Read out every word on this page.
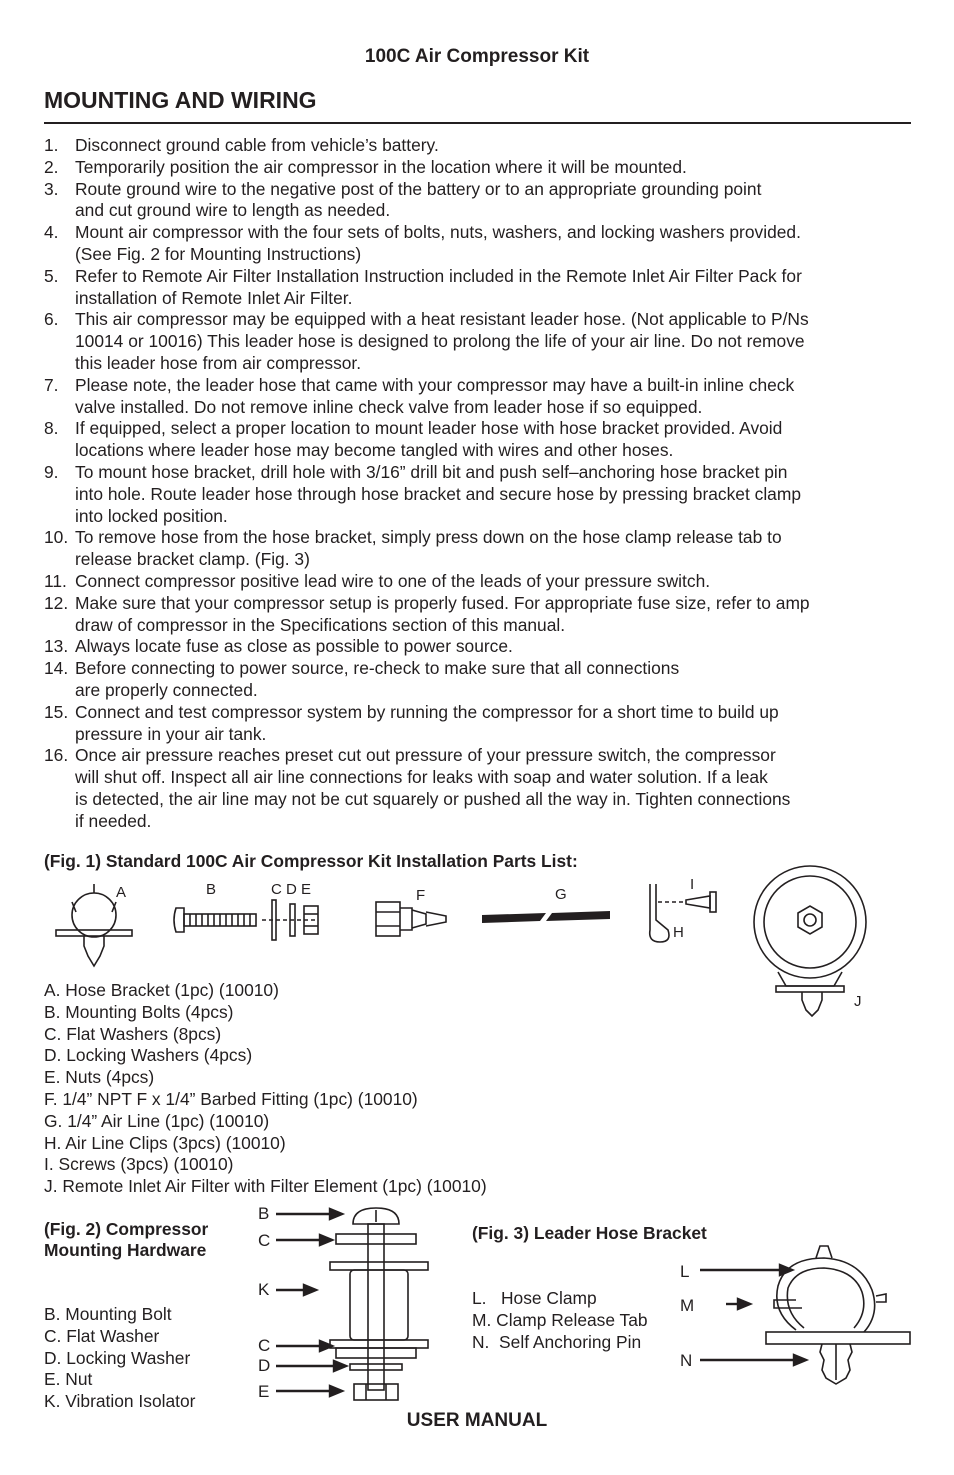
100C Air Compressor Kit
MOUNTING AND WIRING
1. Disconnect ground cable from vehicle’s battery.
2. Temporarily position the air compressor in the location where it will be mounted.
3. Route ground wire to the negative post of the battery or to an appropriate grounding point
and cut ground wire to length as needed.
4. Mount air compressor with the four sets of bolts, nuts, washers, and locking washers provided.
(See Fig. 2 for Mounting Instructions)
5. Refer to Remote Air Filter Installation Instruction included in the Remote Inlet Air Filter Pack for
installation of Remote Inlet Air Filter.
6. This air compressor may be equipped with a heat resistant leader hose. (Not applicable to P/Ns
10014 or 10016) This leader hose is designed to prolong the life of your air line. Do not remove
this leader hose from air compressor.
7. Please note, the leader hose that came with your compressor may have a built-in inline check
valve installed. Do not remove inline check valve from leader hose if so equipped.
8. If equipped, select a proper location to mount leader hose with hose bracket provided. Avoid
locations where leader hose may become tangled with wires and other hoses.
9. To mount hose bracket, drill hole with 3/16” drill bit and push self–anchoring hose bracket pin
into hole. Route leader hose through hose bracket and secure hose by pressing bracket clamp
into locked position.
10. To remove hose from the hose bracket, simply press down on the hose clamp release tab to
release bracket clamp. (Fig. 3)
11. Connect compressor positive lead wire to one of the leads of your pressure switch.
12. Make sure that your compressor setup is properly fused. For appropriate fuse size, refer to amp
draw of compressor in the Specifications section of this manual.
13. Always locate fuse as close as possible to power source.
14. Before connecting to power source, re-check to make sure that all connections
are properly connected.
15. Connect and test compressor system by running the compressor for a short time to build up
pressure in your air tank.
16. Once air pressure reaches preset cut out pressure of your pressure switch, the compressor
will shut off. Inspect all air line connections for leaks with soap and water solution. If a leak
is detected, the air line may not be cut squarely or pushed all the way in. Tighten connections
if needed.
(Fig. 1) Standard 100C Air Compressor Kit Installation Parts List:
A	B	C D E	F	G
I
H
J
A. Hose Bracket (1pc) (10010)
B. Mounting Bolts (4pcs)
C. Flat Washers (8pcs)
D. Locking Washers (4pcs)
E. Nuts (4pcs)
F. 1/4” NPT F x 1/4” Barbed Fitting (1pc) (10010)
G. 1/4” Air Line (1pc) (10010)
H. Air Line Clips (3pcs) (10010)
I. Screws (3pcs) (10010)
J. Remote Inlet Air Filter with Filter Element (1pc) (10010)
(Fig. 2) Compressor
Mounting Hardware
B. Mounting Bolt
C. Flat Washer
D. Locking Washer
E. Nut
K. Vibration Isolator
B
C
K
C
D
E
(Fig. 3) Leader Hose Bracket
L.   Hose Clamp
M. Clamp Release Tab
N.  Self Anchoring Pin
L
M
N
USER MANUAL
